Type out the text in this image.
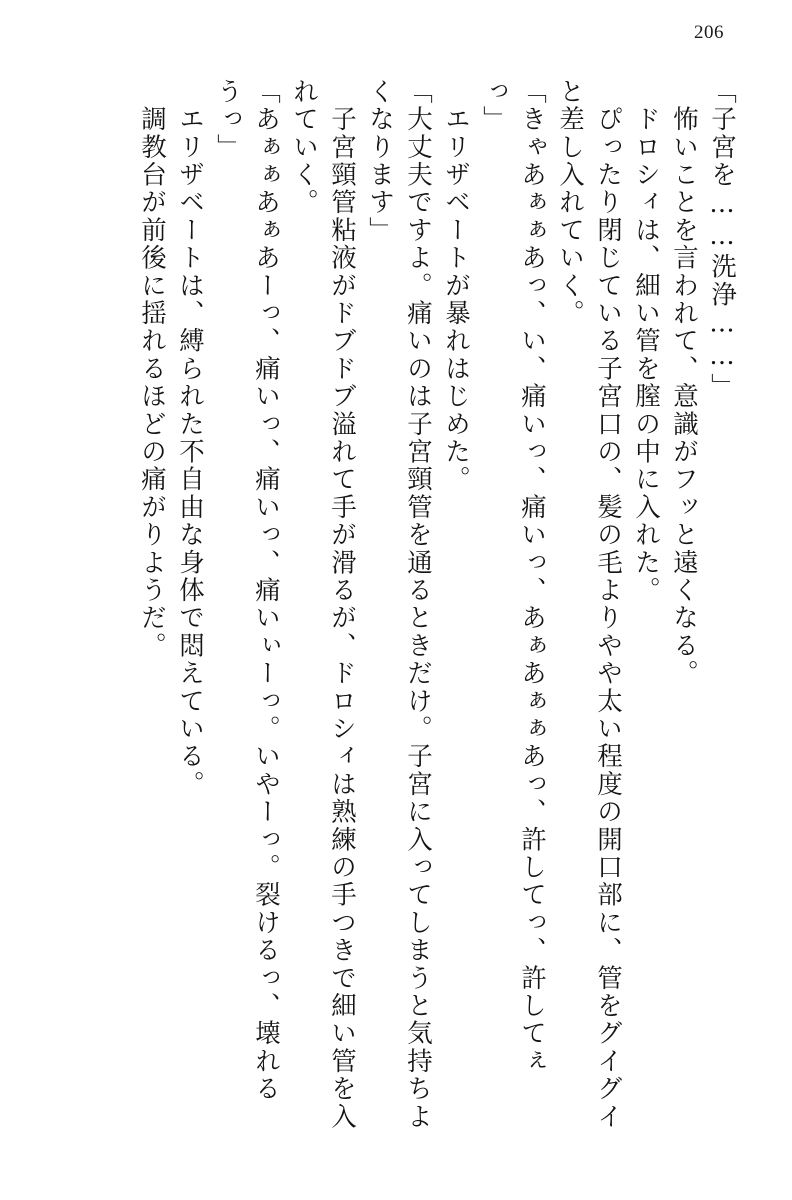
206
「子宮を……洗浄……」
　怖いことを言われて、意識がフッと遠くなる。
　ドロシィは、細い管を膣の中に入れた。
　ぴったり閉じている子宮口の、髪の毛よりやや太い程度の開口部に、管をグイグイ
と差し入れていく。
「きゃあぁぁあっ、い、痛いっ、痛いっ、あぁあぁぁあっ、許してっ、許してぇ
っ」
　エリザベートが暴れはじめた。
「大丈夫ですよ。痛いのは子宮頸管を通るときだけ。子宮に入ってしまうと気持ちよ
くなります」
　子宮頸管粘液がドブドブ溢れて手が滑るが、ドロシィは熟練の手つきで細い管を入
れていく。
「あぁぁあぁあーっ、痛いっ、痛いっ、痛いぃーっ。いやーっ。裂けるっ、壊れる
うっ」
　エリザベートは、縛られた不自由な身体で悶えている。
　調教台が前後に揺れるほどの痛がりようだ。
